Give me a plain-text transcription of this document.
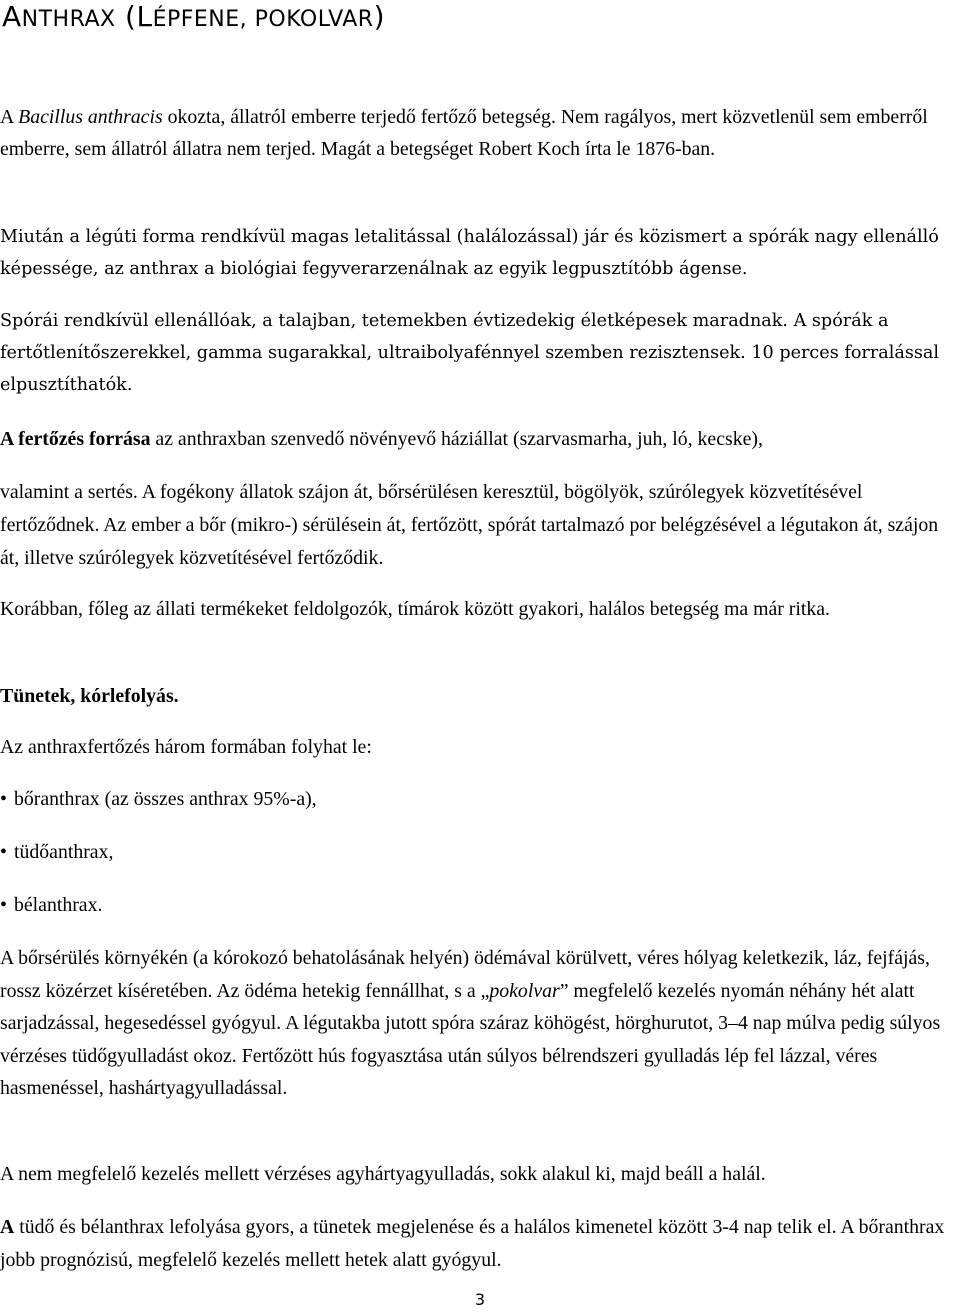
ANTHRAX (LÉPFENE, POKOLVAR)

A Bacillus anthracis okozta, állatról emberre terjedő fertőző betegség. Nem ragályos, mert közvetlenül sem emberről emberre, sem állatról állatra nem terjed. Magát a betegséget Robert Koch írta le 1876-ban.

Miután a légúti forma rendkívül magas letalitással (halálozással) jár és közismert a spórák nagy ellenálló képessége, az anthrax a biológiai fegyverarzenálnak az egyik legpusztítóbb ágense.

Spórái rendkívül ellenállóak, a talajban, tetemekben évtizedekig életképesek maradnak. A spórák a fertőtlenítőszerekkel, gamma sugarakkal, ultraibolyafénnyel szemben rezisztensek. 10 perces forralással elpusztíthatók.

A fertőzés forrása az anthraxban szenvedő növényevő háziállat (szarvasmarha, juh, ló, kecske),
valamint a sertés. A fogékony állatok szájon át, bőrsérülésen keresztül, bögölyök, szúrólegyek közvetítésével fertőződnek. Az ember a bőr (mikro-) sérülésein át, fertőzött, spórát tartalmazó por belégzésével a légutakon át, szájon át, illetve szúrólegyek közvetítésével fertőződik.

Korábban, főleg az állati termékeket feldolgozók, tímárok között gyakori, halálos betegség ma már ritka.

Tünetek, kórlefolyás.

Az anthraxfertőzés három formában folyhat le:

• bőranthrax (az összes anthrax 95%-a),
• tüdőanthrax,
• bélanthrax.

A bőrsérülés környékén (a kórokozó behatolásának helyén) ödémával körülvett, véres hólyag keletkezik, láz, fejfájás, rossz közérzet kíséretében. Az ödéma hetekig fennállhat, s a „pokolvar” megfelelő kezelés nyomán néhány hét alatt sarjadzással, hegesedéssel gyógyul. A légutakba jutott spóra száraz köhögést, hörghurutot, 3–4 nap múlva pedig súlyos vérzéses tüdőgyulladást okoz. Fertőzött hús fogyasztása után súlyos bélrendszeri gyulladás lép fel lázzal, véres hasmenéssel, hashártyagyulladással.

A nem megfelelő kezelés mellett vérzéses agyhártyagyulladás, sokk alakul ki, majd beáll a halál.

A tüdő és bélanthrax lefolyása gyors, a tünetek megjelenése és a halálos kimenetel között 3-4 nap telik el. A bőranthrax jobb prognózisú, megfelelő kezelés mellett hetek alatt gyógyul.

3
